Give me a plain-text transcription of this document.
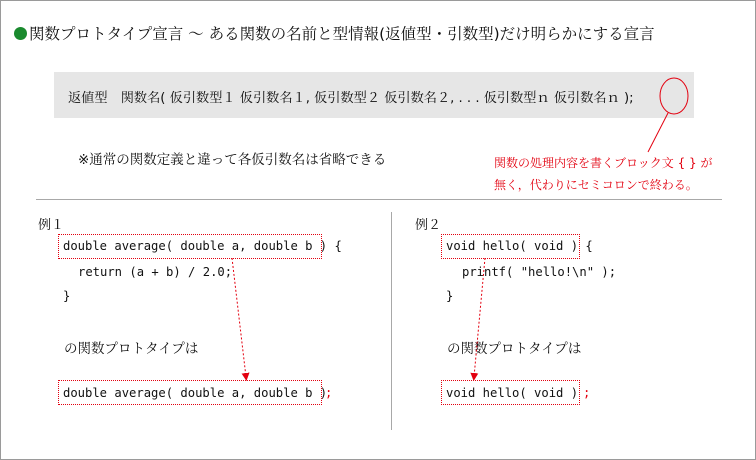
関数プロトタイプ宣言 〜 ある関数の名前と型情報(返値型・引数型)だけ明らかにする宣言
返値型　関数名( 仮引数型１ 仮引数名１, 仮引数型２ 仮引数名２, . . . 仮引数型ｎ 仮引数名ｎ );
※通常の関数定義と違って各仮引数名は省略できる	関数の処理内容を書くブロック文 { } が
無く，代わりにセミコロンで終わる。
例１
double average( double a, double b ) {
return (a + b) / 2.0;
}
の関数プロトタイプは
double average( double a, double b )
;
例２
void hello( void ) {
printf( "hello!\n" );
}
の関数プロトタイプは
void hello( void ) ;
